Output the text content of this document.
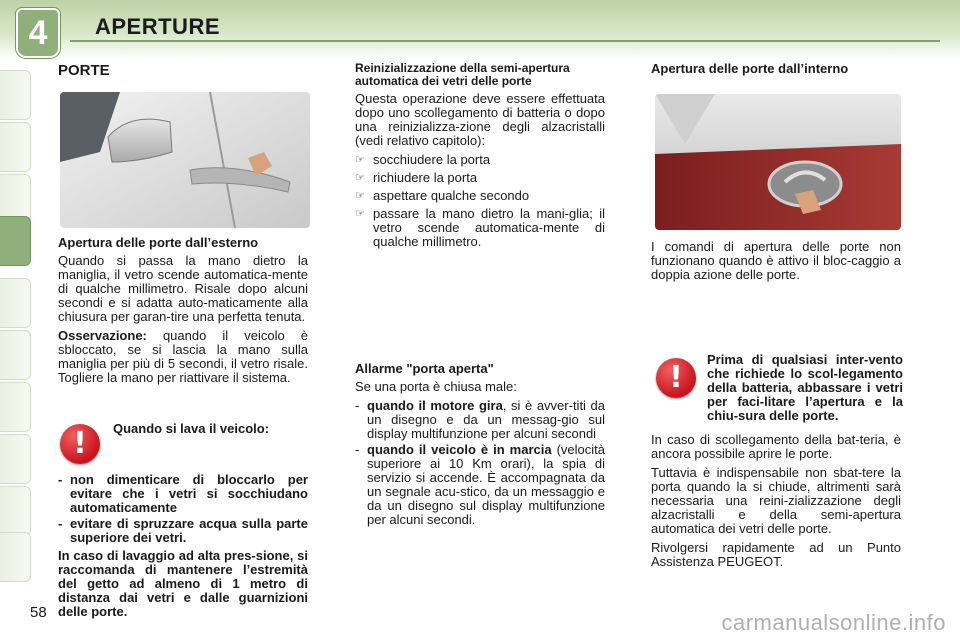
4	APERTURE
PORTE

Apertura delle porte dall’esterno

Quando si passa la mano dietro la maniglia, il vetro scende automatica-mente di qualche millimetro. Risale dopo alcuni secondi e si adatta auto-maticamente alla chiusura per garan-tire una perfetta tenuta.

Osservazione: quando il veicolo è sbloccato, se si lascia la mano sulla maniglia per più di 5 secondi, il vetro risale. Togliere la mano per riattivare il sistema.

!	Quando si lava il veicolo:
- non dimenticare di bloccarlo per evitare che i vetri si socchiudano automaticamente
- evitare di spruzzare acqua sulla parte superiore dei vetri.

In caso di lavaggio ad alta pres-sione, si raccomanda di mantenere l’estremità del getto ad almeno di 1 metro di distanza dai vetri e dalle guarnizioni delle porte.

Reinizializzazione della semi-apertura automatica dei vetri delle porte

Questa operazione deve essere effettuata dopo uno scollegamento di batteria o dopo una reinizializza-zione degli alzacristalli (vedi relativo capitolo):

☞ socchiudere la porta
☞ richiudere la porta
☞ aspettare qualche secondo
☞ passare la mano dietro la mani-glia; il vetro scende automatica-mente di qualche millimetro.

Allarme "porta aperta"

Se una porta è chiusa male:

- quando il motore gira, si è avver-titi da un disegno e da un messag-gio sul display multifunzione per alcuni secondi
- quando il veicolo è in marcia (velocità superiore ai 10 Km orari), la spia di servizio si accende. È accompagnata da un segnale acu-stico, da un messaggio e da un disegno sul display multifunzione per alcuni secondi.

Apertura delle porte dall’interno

I comandi di apertura delle porte non funzionano quando è attivo il bloc-caggio a doppia azione delle porte.

!
Prima di qualsiasi inter-vento che richiede lo scol-legamento della batteria, abbassare i vetri per faci-litare l’apertura e la chiu-sura delle porte.

In caso di scollegamento della bat-teria, è ancora possibile aprire le porte.

Tuttavia è indispensabile non sbat-tere la porta quando la si chiude, altrimenti sarà necessaria una reini-zializzazione degli alzacristalli e della semi-apertura automatica dei vetri delle porte.

Rivolgersi rapidamente ad un Punto Assistenza PEUGEOT.

58	carmanualsonline.info
